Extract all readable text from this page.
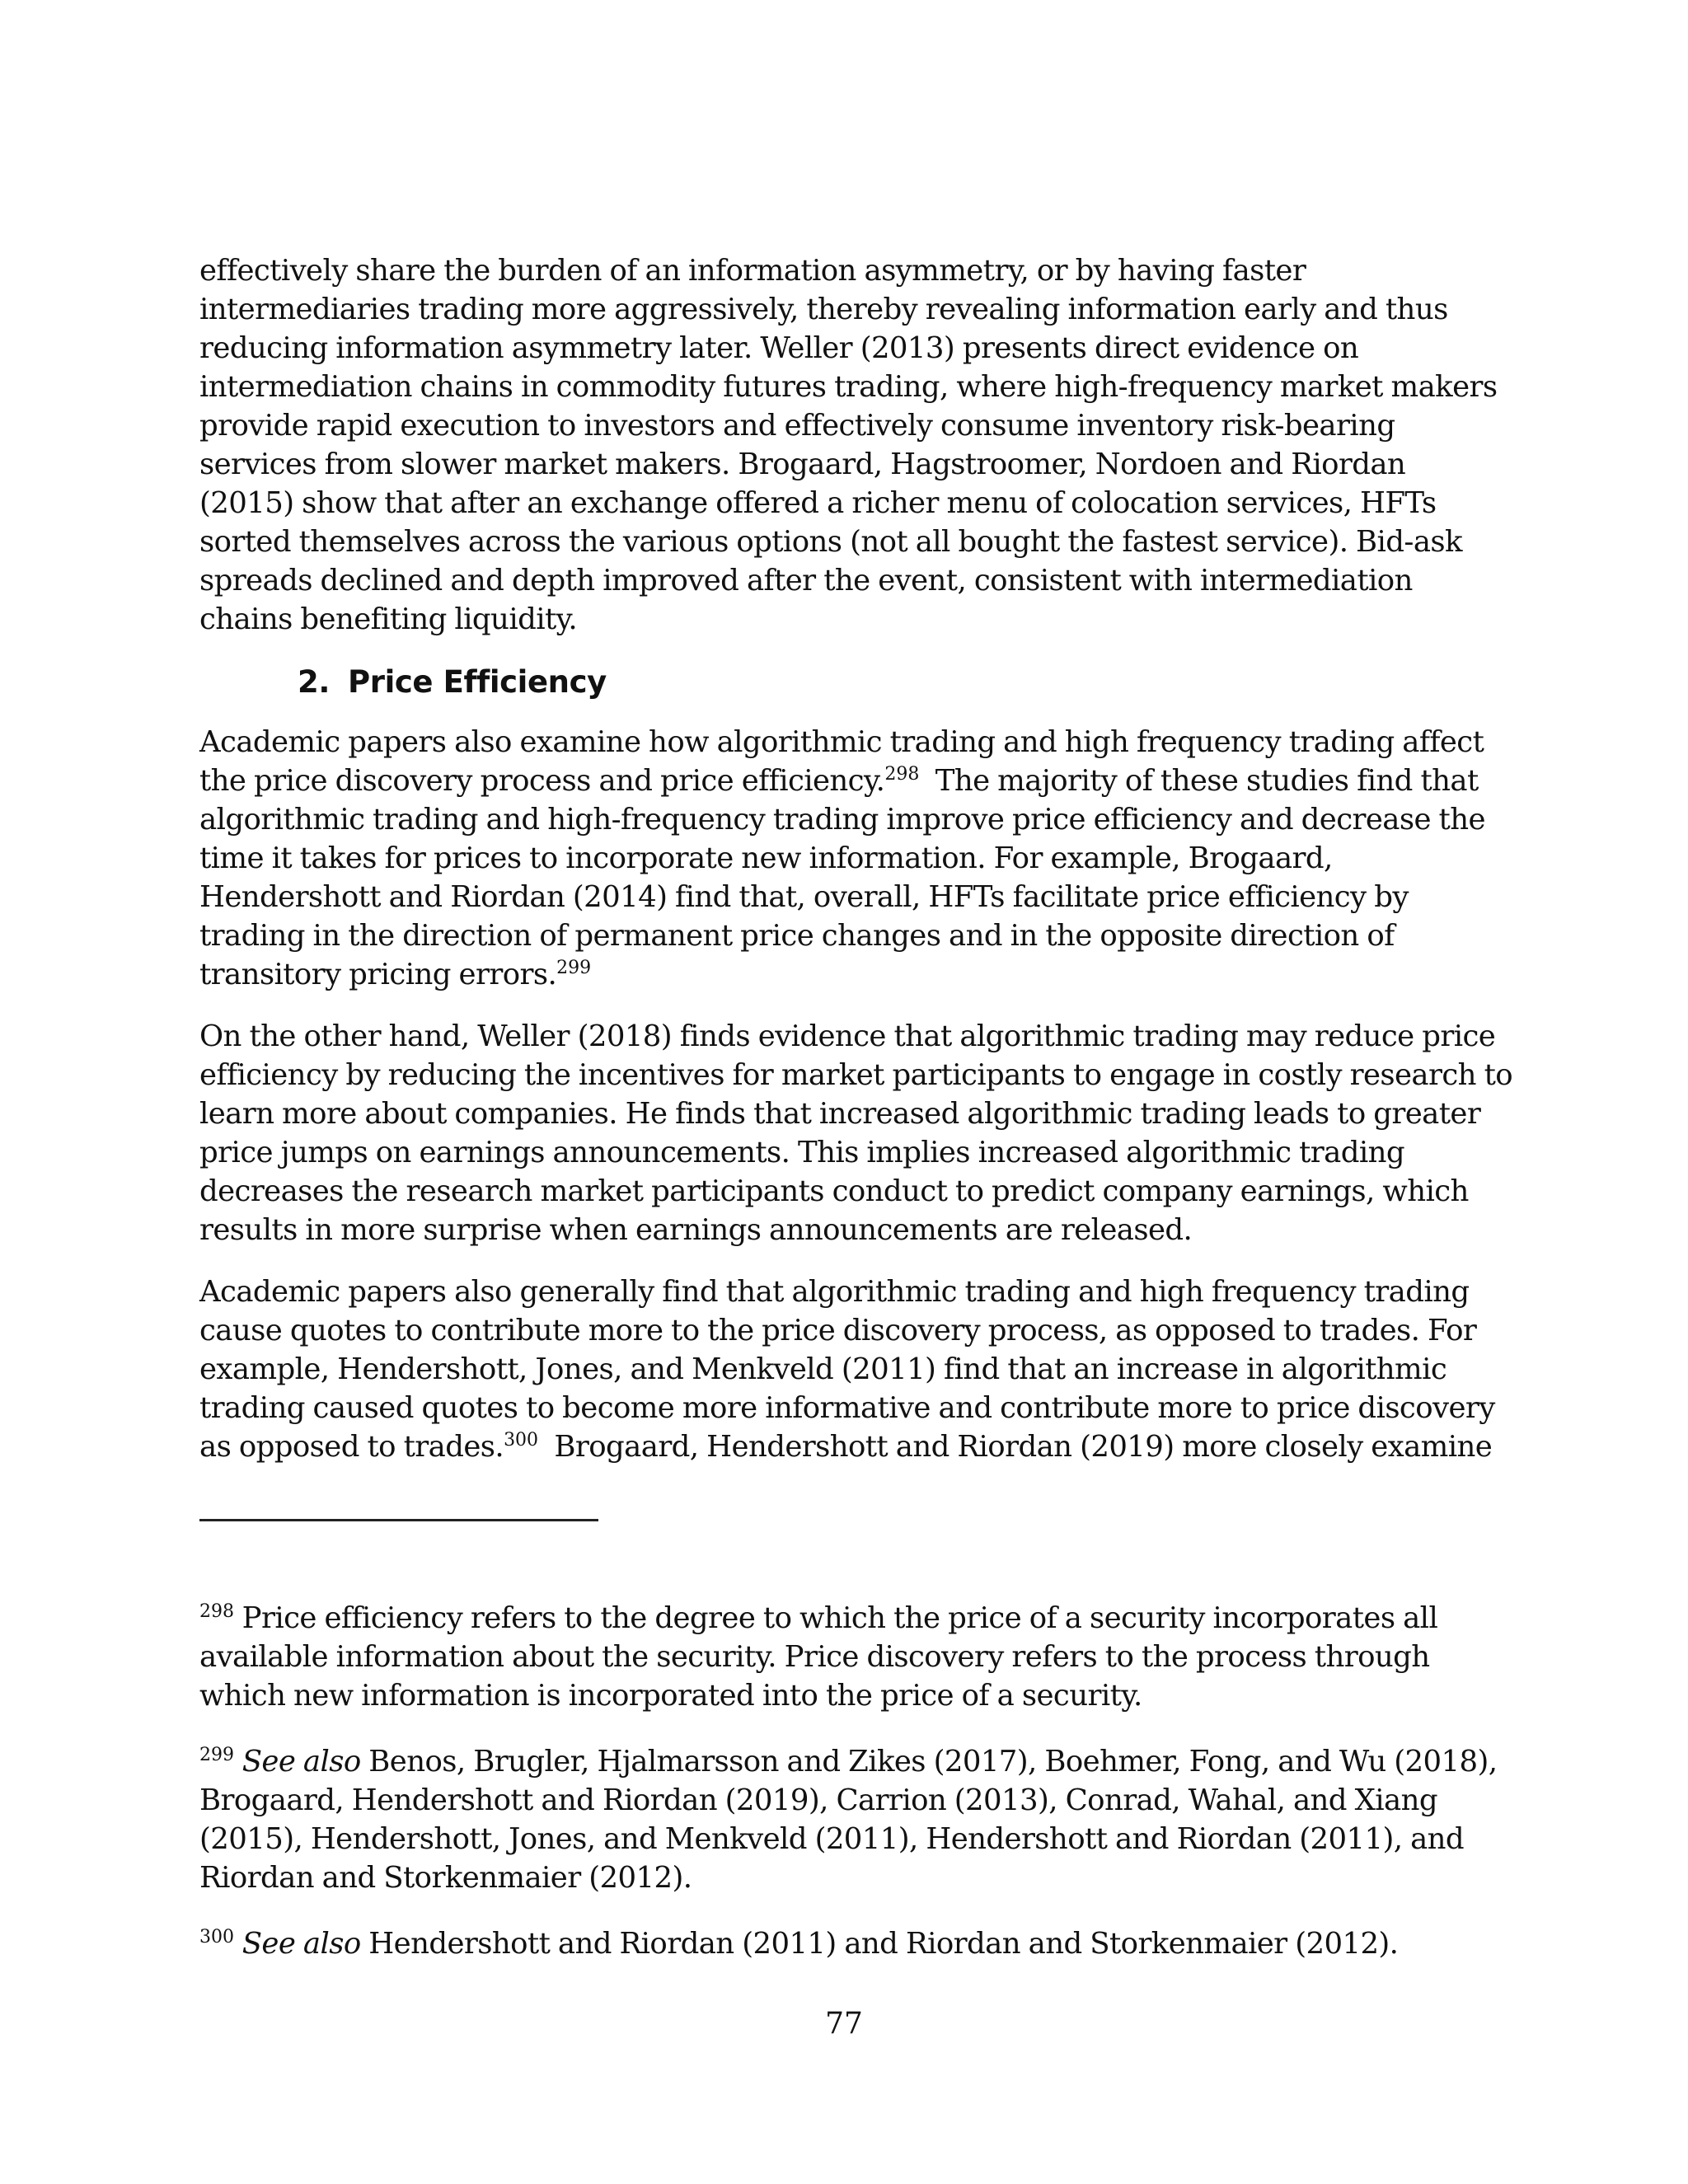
effectively share the burden of an information asymmetry, or by having faster
intermediaries trading more aggressively, thereby revealing information early and thus
reducing information asymmetry later. Weller (2013) presents direct evidence on
intermediation chains in commodity futures trading, where high-frequency market makers
provide rapid execution to investors and effectively consume inventory risk-bearing
services from slower market makers. Brogaard, Hagstroomer, Nordoen and Riordan
(2015) show that after an exchange offered a richer menu of colocation services, HFTs
sorted themselves across the various options (not all bought the fastest service). Bid-ask
spreads declined and depth improved after the event, consistent with intermediation
chains benefiting liquidity.

2. Price Efficiency

Academic papers also examine how algorithmic trading and high frequency trading affect
the price discovery process and price efficiency.$^{298}$  The majority of these studies find that
algorithmic trading and high-frequency trading improve price efficiency and decrease the
time it takes for prices to incorporate new information. For example, Brogaard,
Hendershott and Riordan (2014) find that, overall, HFTs facilitate price efficiency by
trading in the direction of permanent price changes and in the opposite direction of
transitory pricing errors.$^{299}$

On the other hand, Weller (2018) finds evidence that algorithmic trading may reduce price
efficiency by reducing the incentives for market participants to engage in costly research to
learn more about companies. He finds that increased algorithmic trading leads to greater
price jumps on earnings announcements. This implies increased algorithmic trading
decreases the research market participants conduct to predict company earnings, which
results in more surprise when earnings announcements are released.

Academic papers also generally find that algorithmic trading and high frequency trading
cause quotes to contribute more to the price discovery process, as opposed to trades. For
example, Hendershott, Jones, and Menkveld (2011) find that an increase in algorithmic
trading caused quotes to become more informative and contribute more to price discovery
as opposed to trades.$^{300}$  Brogaard, Hendershott and Riordan (2019) more closely examine

$^{298}$ Price efficiency refers to the degree to which the price of a security incorporates all
available information about the security. Price discovery refers to the process through
which new information is incorporated into the price of a security.

$^{299}$ See also Benos, Brugler, Hjalmarsson and Zikes (2017), Boehmer, Fong, and Wu (2018),
Brogaard, Hendershott and Riordan (2019), Carrion (2013), Conrad, Wahal, and Xiang
(2015), Hendershott, Jones, and Menkveld (2011), Hendershott and Riordan (2011), and
Riordan and Storkenmaier (2012).

$^{300}$ See also Hendershott and Riordan (2011) and Riordan and Storkenmaier (2012).

77
